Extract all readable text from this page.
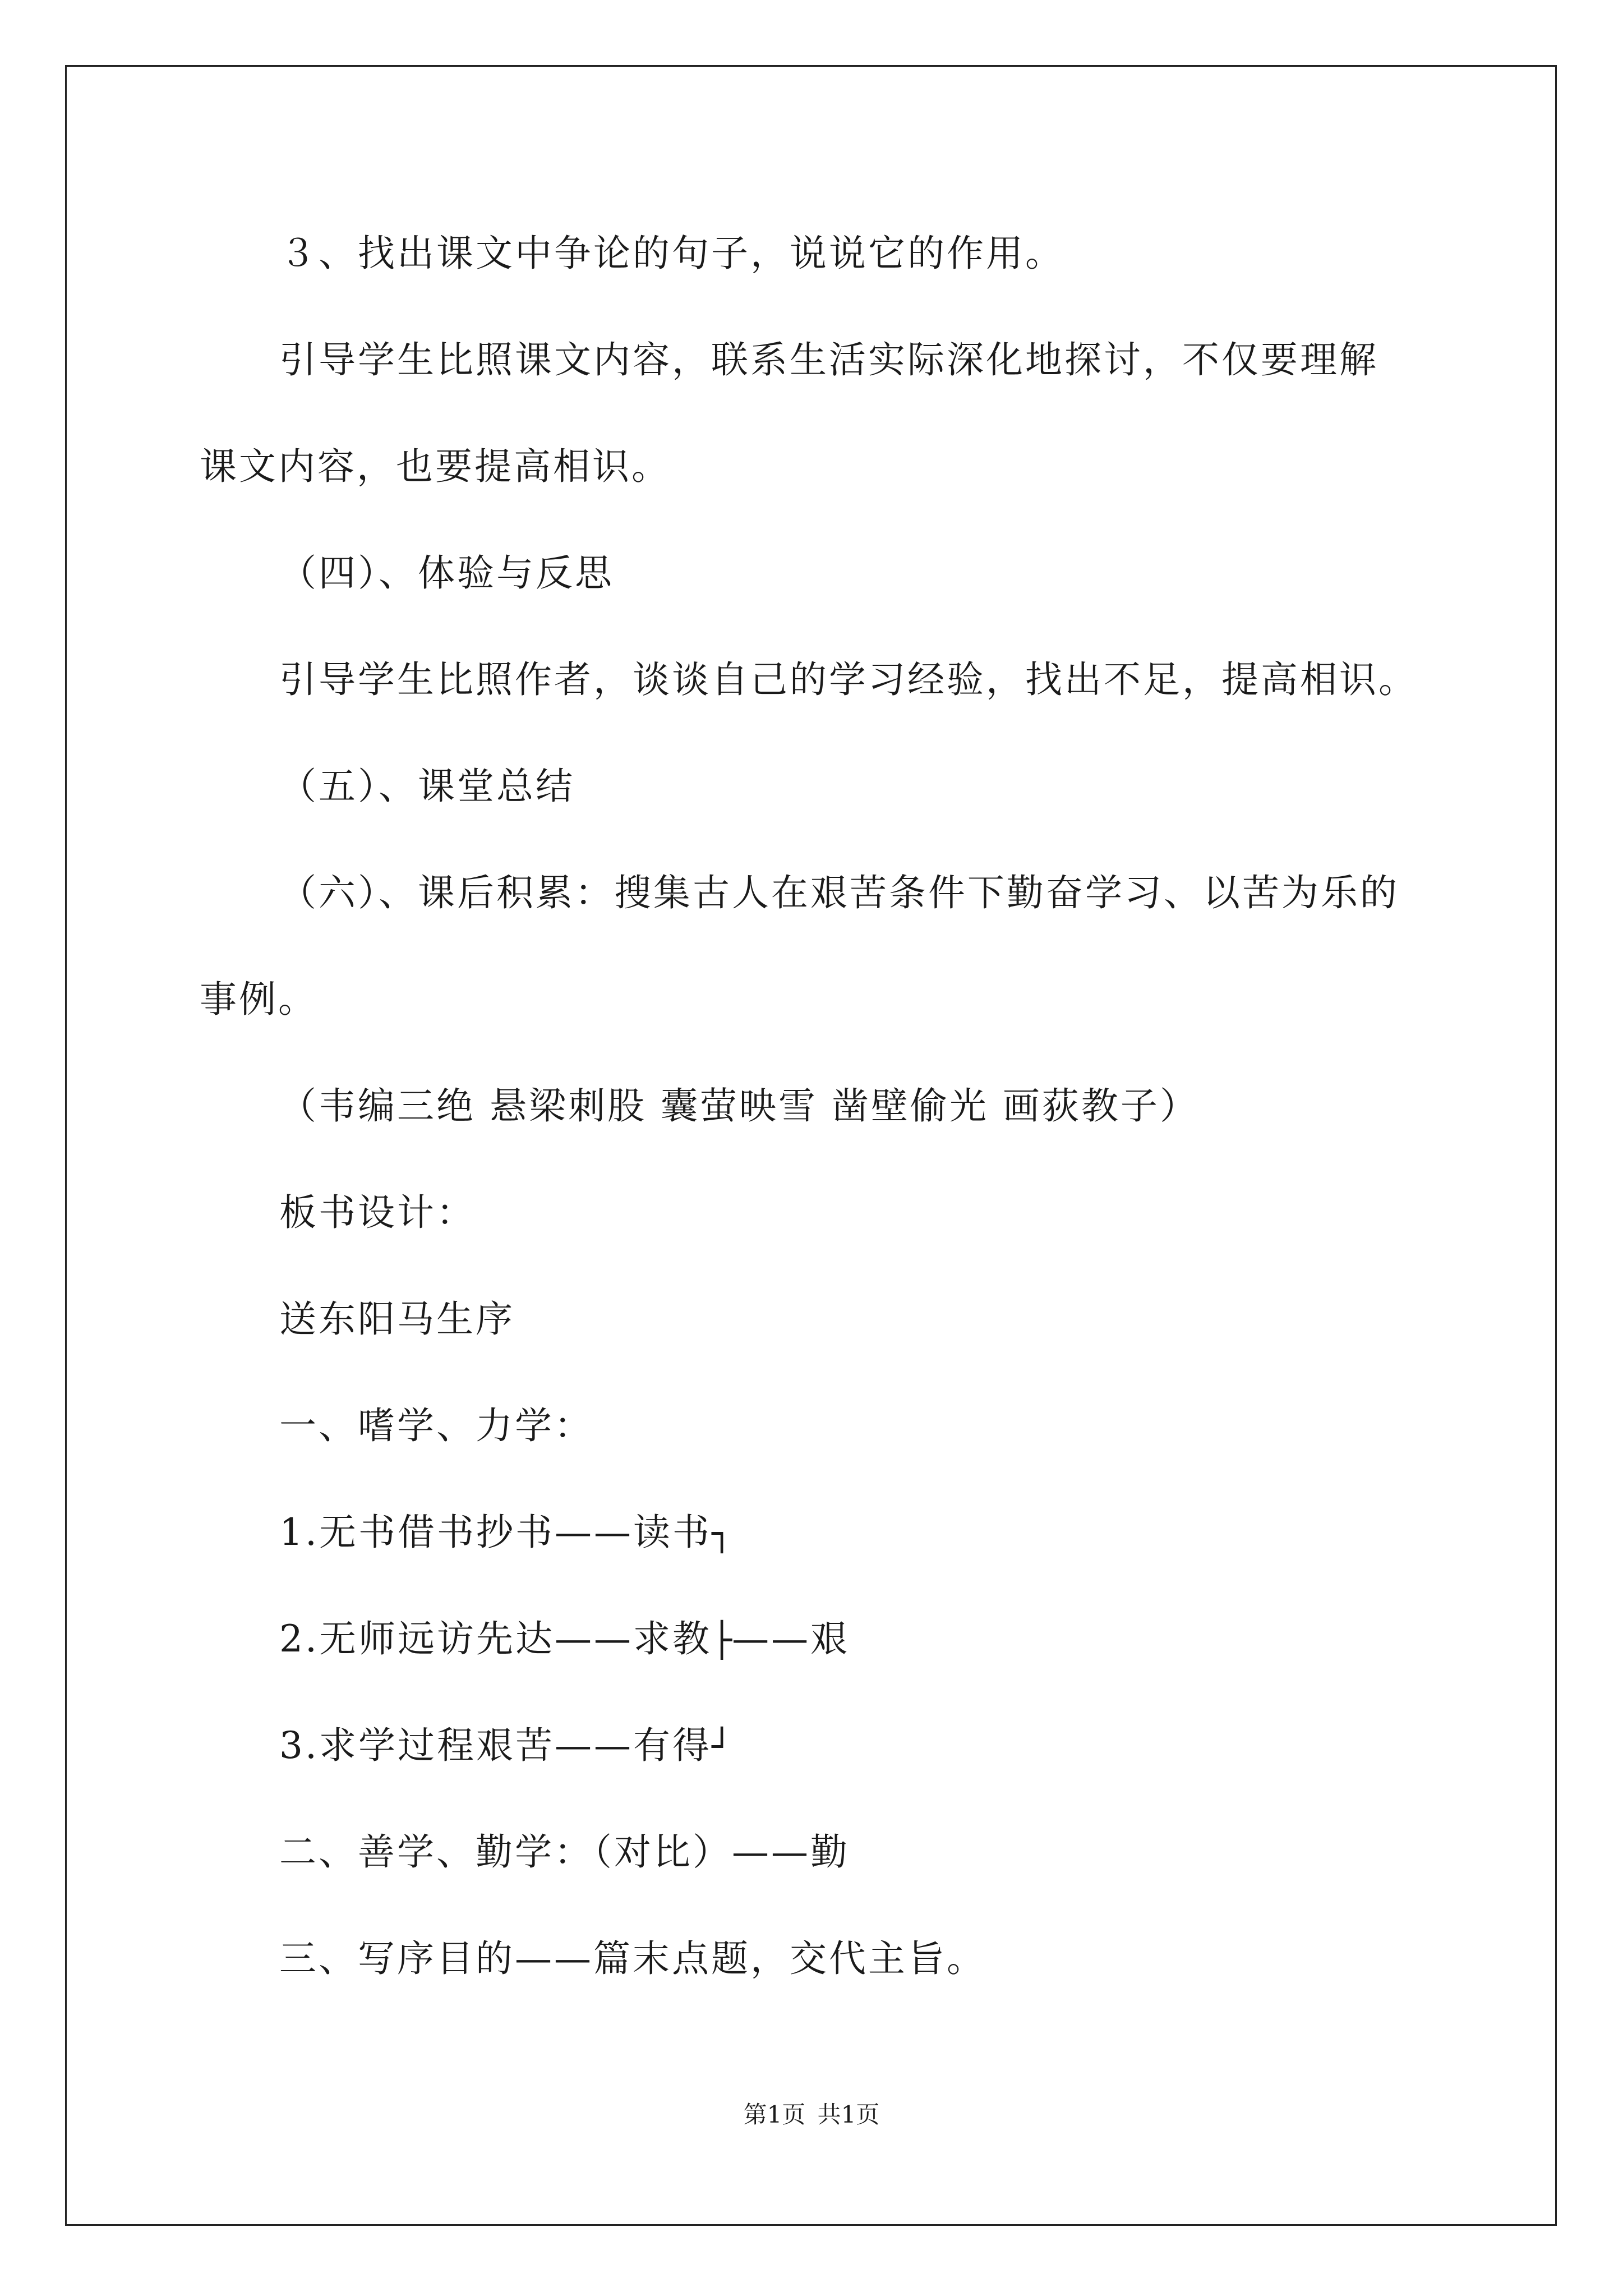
３、找出课文中争论的句子，说说它的作用。
引导学生比照课文内容，联系生活实际深化地探讨，不仅要理解
课文内容，也要提高相识。
（四）、体验与反思
引导学生比照作者，谈谈自己的学习经验，找出不足，提高相识。
（五）、课堂总结
（六）、课后积累：搜集古人在艰苦条件下勤奋学习、以苦为乐的
事例。
（韦编三绝 悬梁刺股 囊萤映雪 凿壁偷光 画荻教子）
板书设计：
送东阳马生序
一、嗜学、力学：
1.无书借书抄书——读书┐
2.无师远访先达——求教├——艰
3.求学过程艰苦——有得┘
二、善学、勤学：（对比）——勤
三、写序目的——篇末点题，交代主旨。
第1页 共1页
